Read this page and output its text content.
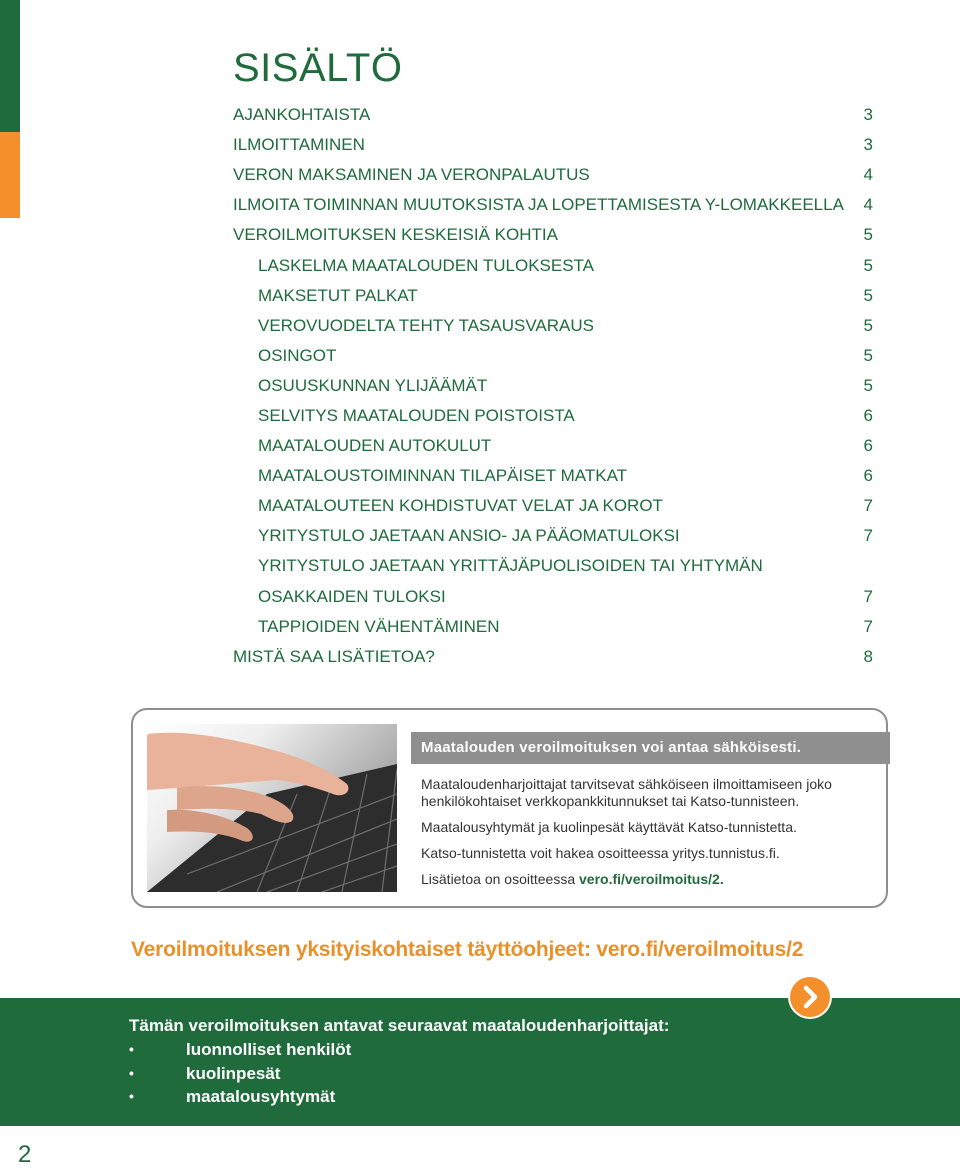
SISÄLTÖ
AJANKOHTAISTA	3
ILMOITTAMINEN	3
VERON MAKSAMINEN JA VERONPALAUTUS	4
ILMOITA TOIMINNAN MUUTOKSISTA JA LOPETTAMISESTA Y-LOMAKKEELLA	4
VEROILMOITUKSEN KESKEISIÄ KOHTIA	5
LASKELMA MAATALOUDEN TULOKSESTA	5
MAKSETUT PALKAT	5
VEROVUODELTA TEHTY TASAUSVARAUS	5
OSINGOT	5
OSUUSKUNNAN YLIJÄÄMÄT	5
SELVITYS MAATALOUDEN POISTOISTA	6
MAATALOUDEN AUTOKULUT	6
MAATALOUSTOIMINNAN TILAPÄISET MATKAT	6
MAATALOUTEEN KOHDISTUVAT VELAT JA KOROT	7
YRITYSTULO JAETAAN ANSIO- JA PÄÄOMATULOKSI	7
YRITYSTULO JAETAAN YRITTÄJÄPUOLISOIDEN TAI YHTYMÄN
OSAKKAIDEN TULOKSI	7
TAPPIOIDEN VÄHENTÄMINEN	7
MISTÄ SAA LISÄTIETOA?	8
Maatalouden veroilmoituksen voi antaa sähköisesti.

Maataloudenharjoittajat tarvitsevat sähköiseen ilmoittamiseen joko henkilökohtaiset verkkopankkitunnukset tai Katso-tunnisteen.

Maatalousyhtymät ja kuolinpesät käyttävät Katso-tunnistetta.

Katso-tunnistetta voit hakea osoitteessa yritys.tunnistus.fi.

Lisätietoa on osoitteessa vero.fi/veroilmoitus/2.

Veroilmoituksen yksityiskohtaiset täyttöohjeet: vero.fi/veroilmoitus/2

Tämän veroilmoituksen antavat seuraavat maataloudenharjoittajat:

•	luonnolliset henkilöt
•	kuolinpesät
•	maatalousyhtymät
2
